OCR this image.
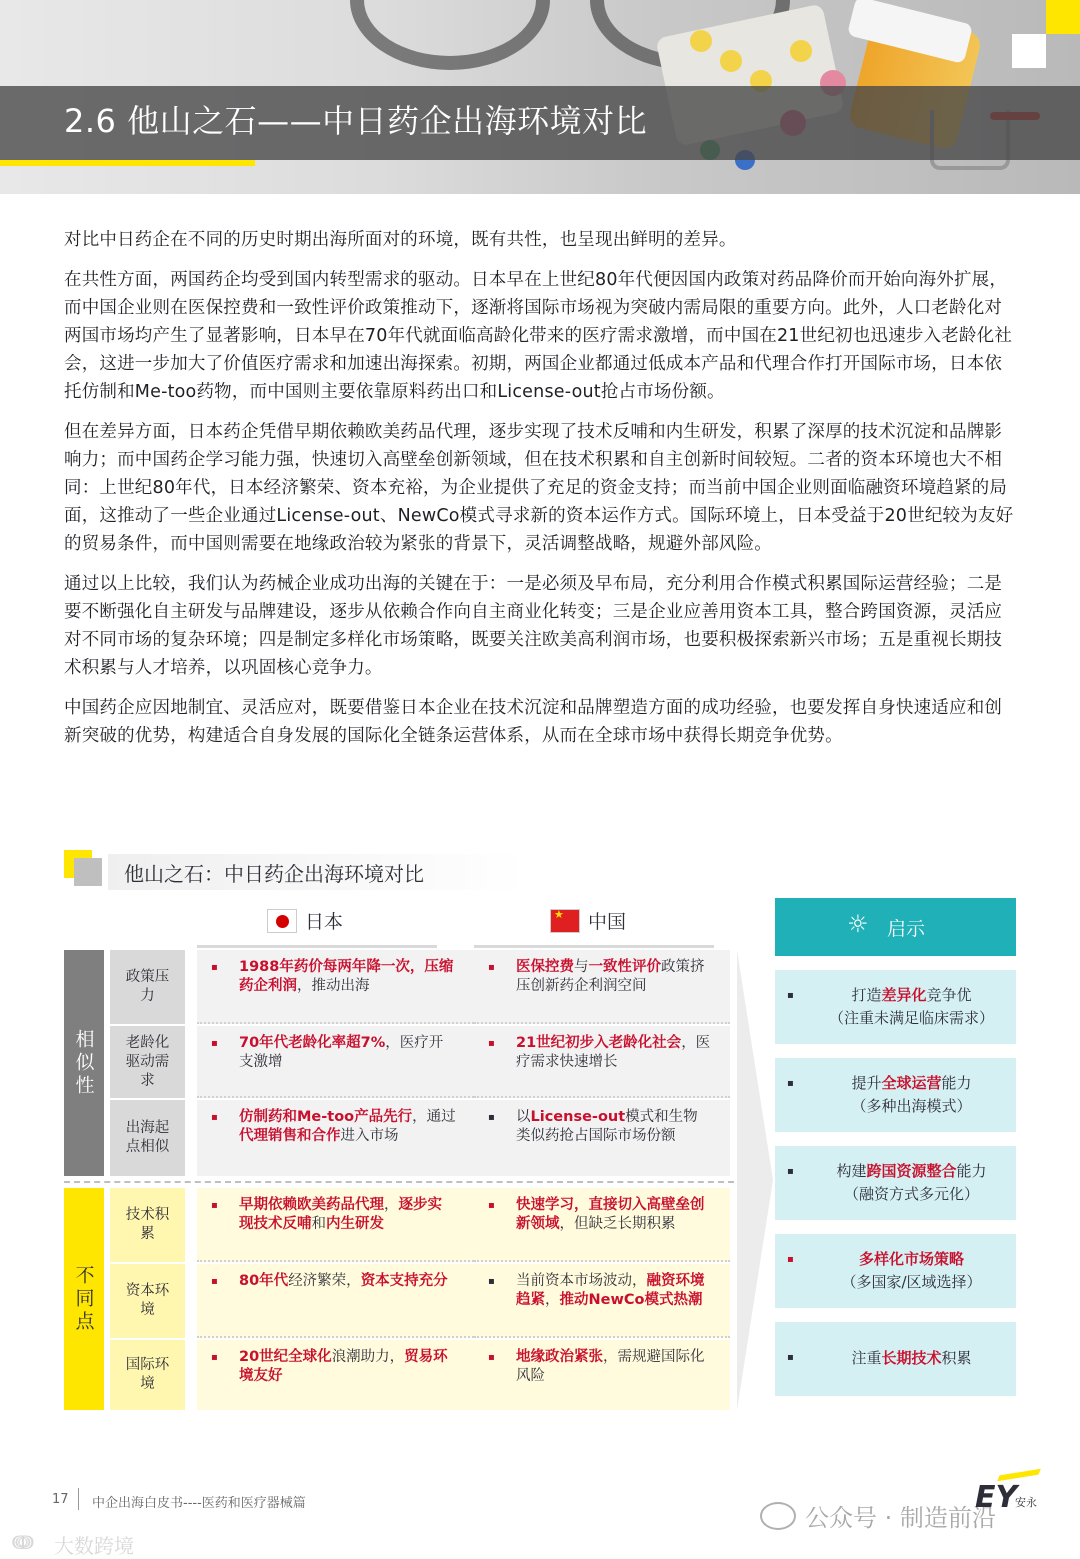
2.6 他山之石——中日药企出海环境对比

对比中日药企在不同的历史时期出海所面对的环境，既有共性，也呈现出鲜明的差异。

在共性方面，两国药企均受到国内转型需求的驱动。日本早在上世纪80年代便因国内政策对药品降价而开始向海外扩展，而中国企业则在医保控费和一致性评价政策推动下，逐渐将国际市场视为突破内需局限的重要方向。此外，人口老龄化对两国市场均产生了显著影响，日本早在70年代就面临高龄化带来的医疗需求激增，而中国在21世纪初也迅速步入老龄化社会，这进一步加大了价值医疗需求和加速出海探索。初期，两国企业都通过低成本产品和代理合作打开国际市场，日本依托仿制和Me-too药物，而中国则主要依靠原料药出口和License-out抢占市场份额。

但在差异方面，日本药企凭借早期依赖欧美药品代理，逐步实现了技术反哺和内生研发，积累了深厚的技术沉淀和品牌影响力；而中国药企学习能力强，快速切入高壁垒创新领域，但在技术积累和自主创新时间较短。二者的资本环境也大不相同：上世纪80年代，日本经济繁荣、资本充裕，为企业提供了充足的资金支持；而当前中国企业则面临融资环境趋紧的局面，这推动了一些企业通过License-out、NewCo模式寻求新的资本运作方式。国际环境上，日本受益于20世纪较为友好的贸易条件，而中国则需要在地缘政治较为紧张的背景下，灵活调整战略，规避外部风险。

通过以上比较，我们认为药械企业成功出海的关键在于：一是必须及早布局，充分利用合作模式积累国际运营经验；二是要不断强化自主研发与品牌建设，逐步从依赖合作向自主商业化转变；三是企业应善用资本工具，整合跨国资源，灵活应对不同市场的复杂环境；四是制定多样化市场策略，既要关注欧美高利润市场，也要积极探索新兴市场；五是重视长期技术积累与人才培养，以巩固核心竞争力。

中国药企应因地制宜、灵活应对，既要借鉴日本企业在技术沉淀和品牌塑造方面的成功经验，也要发挥自身快速适应和创新突破的优势，构建适合自身发展的国际化全链条运营体系，从而在全球市场中获得长期竞争优势。

他山之石：中日药企出海环境对比
日本
★	中国
相似性
不同点
政策压力
▪ 1988年药价每两年降一次，压缩药企利润，推动出海
▪ 医保控费与一致性评价政策挤压创新药企利润空间
老龄化驱动需求
▪ 70年代老龄化率超7%，医疗开支激增
▪ 21世纪初步入老龄化社会，医疗需求快速增长
出海起点相似
▪ 仿制药和Me-too产品先行，通过代理销售和合作进入市场
▪ 以License-out模式和生物类似药抢占国际市场份额
技术积累
▪ 早期依赖欧美药品代理，逐步实现技术反哺和内生研发
▪ 快速学习，直接切入高壁垒创新领域，但缺乏长期积累
资本环境
▪ 80年代经济繁荣，资本支持充分	▪ 当前资本市场波动，融资环境趋紧，推动NewCo模式热潮
国际环境
▪ 20世纪全球化浪潮助力，贸易环境友好
▪ 地缘政治紧张，需规避国际化风险
☼ 启示
▪	打造差异化竞争优
（注重未满足临床需求）
▪	提升全球运营能力
（多种出海模式）
▪	构建跨国资源整合能力
（融资方式多元化）
▪	多样化市场策略
（多国家/区域选择）
▪	注重长期技术积累
17 中企出海白皮书----医药和医疗器械篇
公众号 · 制造前沿
EY
安永
ↈ 大数跨境
